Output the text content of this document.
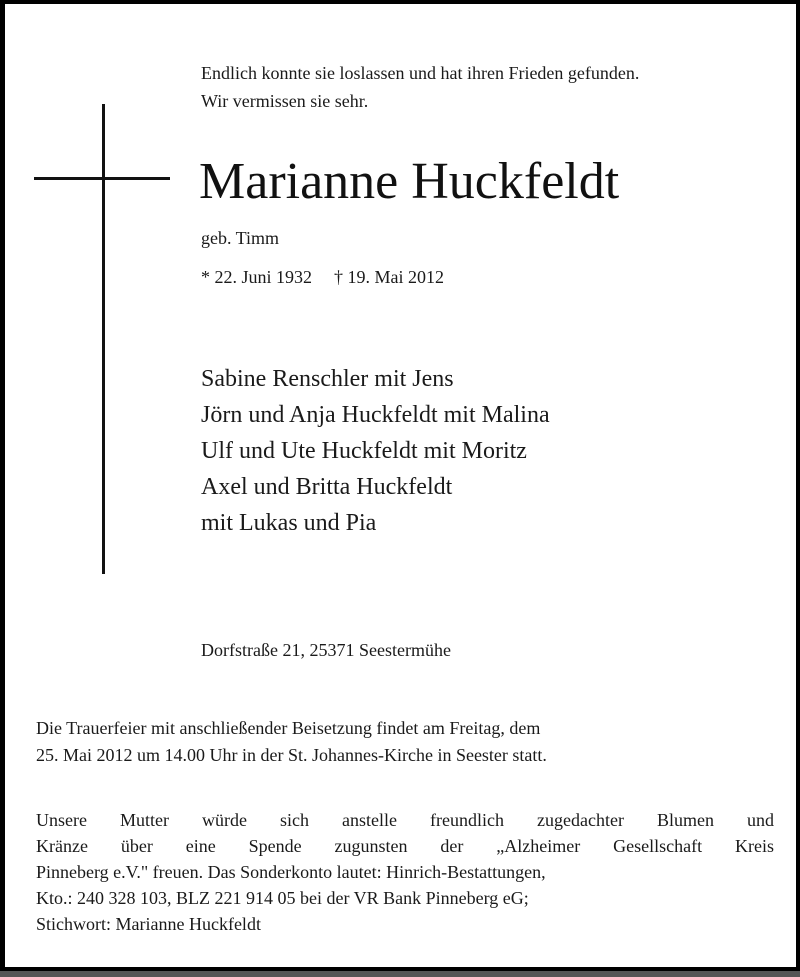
Endlich konnte sie loslassen und hat ihren Frieden gefunden.
Wir vermissen sie sehr.
Marianne Huckfeldt
geb. Timm
* 22. Juni 1932 † 19. Mai 2012
Sabine Renschler mit Jens
Jörn und Anja Huckfeldt mit Malina
Ulf und Ute Huckfeldt mit Moritz
Axel und Britta Huckfeldt
mit Lukas und Pia
Dorfstraße 21, 25371 Seestermühe
Die Trauerfeier mit anschließender Beisetzung findet am Freitag, dem
25. Mai 2012 um 14.00 Uhr in der St. Johannes-Kirche in Seester statt.
Unsere Mutter würde sich anstelle freundlich zugedachter Blumen und
Kränze über eine Spende zugunsten der „Alzheimer Gesellschaft Kreis
Pinneberg e.V." freuen. Das Sonderkonto lautet: Hinrich-Bestattungen,
Kto.: 240 328 103, BLZ 221 914 05 bei der VR Bank Pinneberg eG;
Stichwort: Marianne Huckfeldt
